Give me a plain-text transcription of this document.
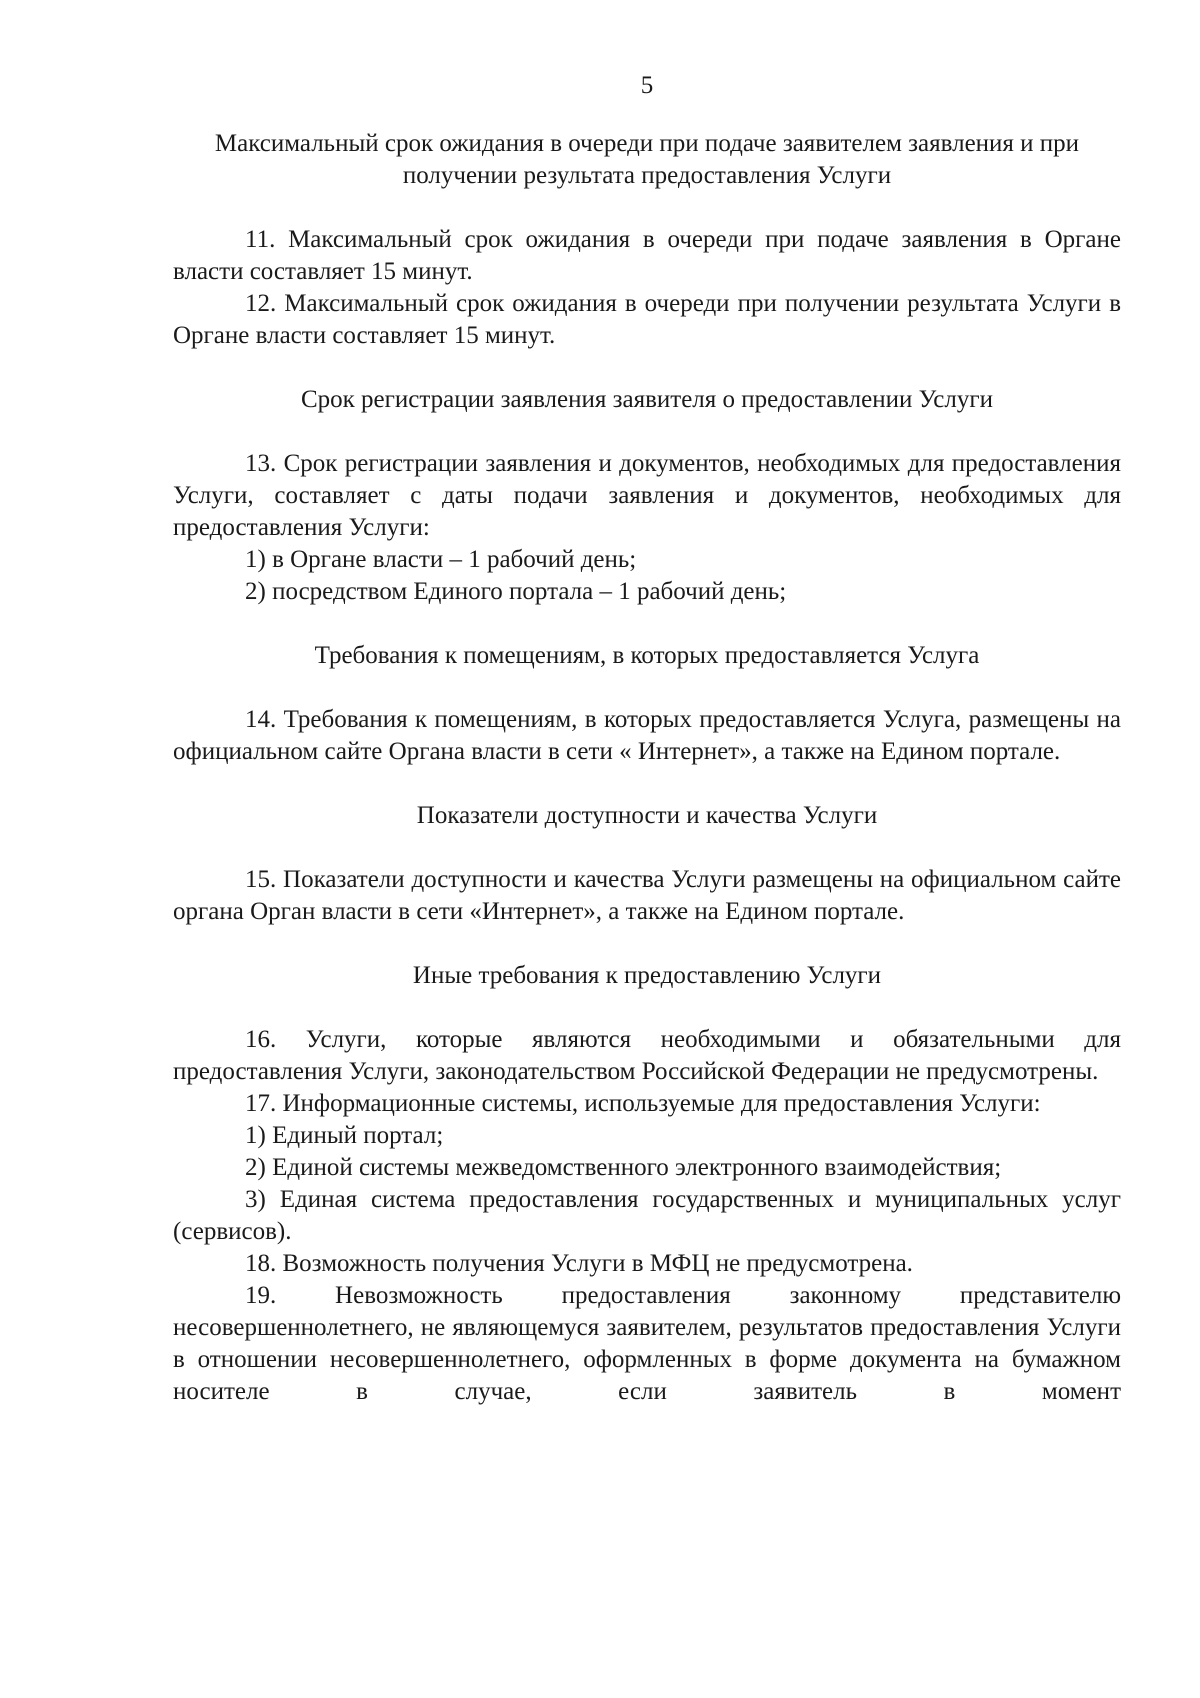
5

Максимальный срок ожидания в очереди при подаче заявителем заявления и при получении результата предоставления Услуги

11. Максимальный срок ожидания в очереди при подаче заявления в Органе власти составляет 15 минут.

12. Максимальный срок ожидания в очереди при получении результата Услуги в Органе власти составляет 15 минут.

Срок регистрации заявления заявителя о предоставлении Услуги

13. Срок регистрации заявления и документов, необходимых для предоставления Услуги, составляет с даты подачи заявления и документов, необходимых для предоставления Услуги:

1) в Органе власти – 1 рабочий день;

2) посредством Единого портала – 1 рабочий день;

Требования к помещениям, в которых предоставляется Услуга

14. Требования к помещениям, в которых предоставляется Услуга, размещены на официальном сайте Органа власти в сети « Интернет», а также на Едином портале.

Показатели доступности и качества Услуги

15. Показатели доступности и качества Услуги размещены на официальном сайте органа Орган власти в сети «Интернет», а также на Едином портале.

Иные требования к предоставлению Услуги

16. Услуги, которые являются необходимыми и обязательными для предоставления Услуги, законодательством Российской Федерации не предусмотрены.

17. Информационные системы, используемые для предоставления Услуги:

1) Единый портал;

2) Единой системы межведомственного электронного взаимодействия;

3) Единая система предоставления государственных и муниципальных услуг (сервисов).

18. Возможность получения Услуги в МФЦ не предусмотрена.

19. Невозможность предоставления законному представителю несовершеннолетнего, не являющемуся заявителем, результатов предоставления Услуги в отношении несовершеннолетнего, оформленных в форме документа на бумажном носителе в случае, если заявитель в момент
